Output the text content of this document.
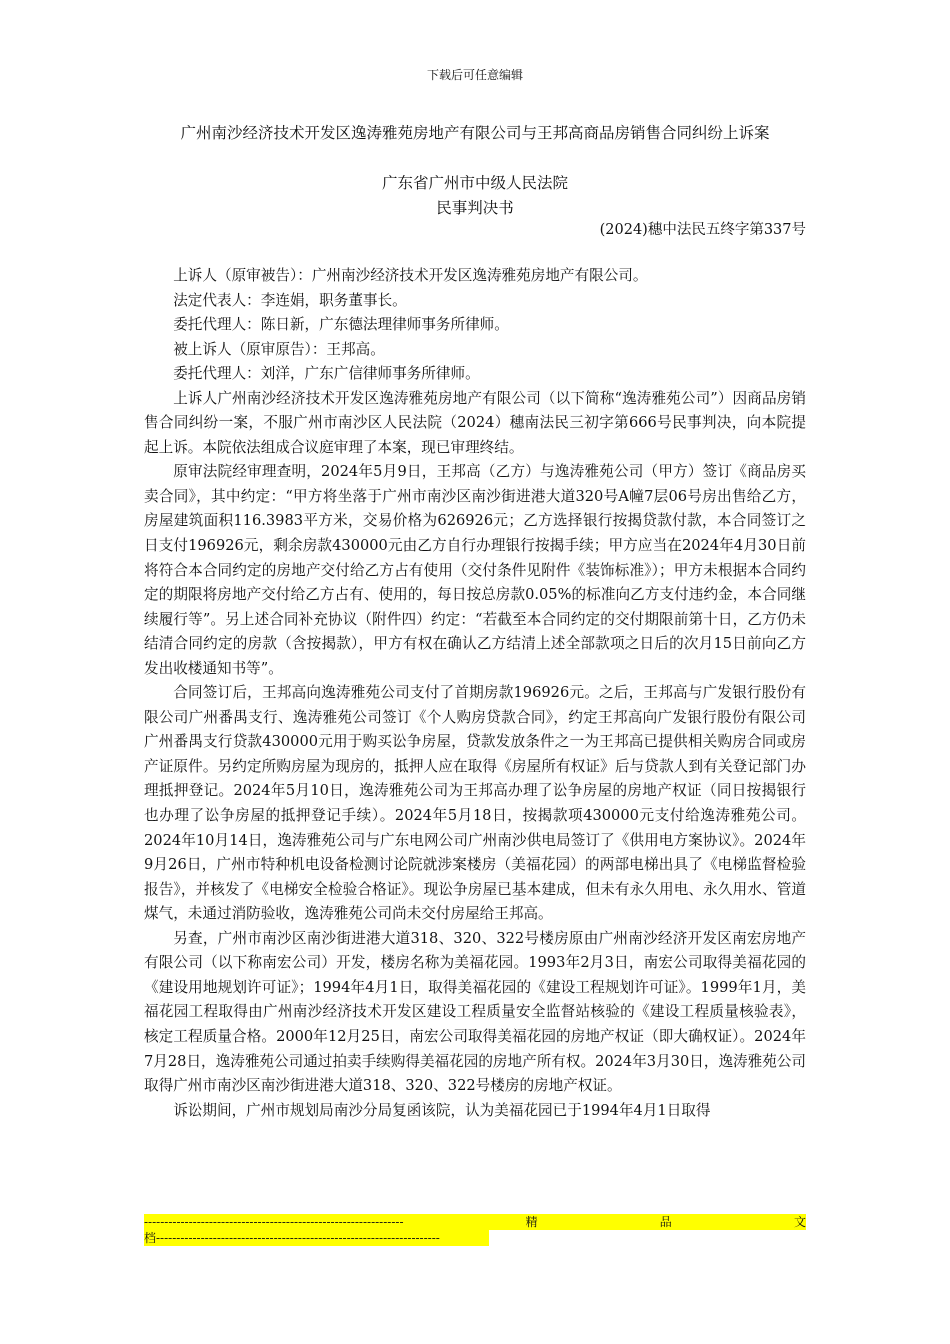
下载后可任意编辑
广州南沙经济技术开发区逸涛雅苑房地产有限公司与王邦高商品房销售合同纠纷上诉案
广东省广州市中级人民法院
民事判决书
(2024)穗中法民五终字第337号

上诉人（原审被告）：广州南沙经济技术开发区逸涛雅苑房地产有限公司。

法定代表人：李连娟，职务董事长。

委托代理人：陈日新，广东德法理律师事务所律师。

被上诉人（原审原告）：王邦高。

委托代理人：刘洋，广东广信律师事务所律师。

上诉人广州南沙经济技术开发区逸涛雅苑房地产有限公司（以下简称“逸涛雅苑公司”）因商品房销售合同纠纷一案，不服广州市南沙区人民法院（2024）穗南法民三初字第666号民事判决，向本院提起上诉。本院依法组成合议庭审理了本案，现已审理终结。

原审法院经审理查明，2024年5月9日，王邦高（乙方）与逸涛雅苑公司（甲方）签订《商品房买卖合同》，其中约定：“甲方将坐落于广州市南沙区南沙街进港大道320号A幢7层06号房出售给乙方，房屋建筑面积116.3983平方米，交易价格为626926元；乙方选择银行按揭贷款付款，本合同签订之日支付196926元，剩余房款430000元由乙方自行办理银行按揭手续；甲方应当在2024年4月30日前将符合本合同约定的房地产交付给乙方占有使用（交付条件见附件《装饰标准》）；甲方未根据本合同约定的期限将房地产交付给乙方占有、使用的，每日按总房款0.05%的标准向乙方支付违约金，本合同继续履行等”。另上述合同补充协议（附件四）约定：“若截至本合同约定的交付期限前第十日，乙方仍未结清合同约定的房款（含按揭款），甲方有权在确认乙方结清上述全部款项之日后的次月15日前向乙方发出收楼通知书等”。

合同签订后，王邦高向逸涛雅苑公司支付了首期房款196926元。之后，王邦高与广发银行股份有限公司广州番禺支行、逸涛雅苑公司签订《个人购房贷款合同》，约定王邦高向广发银行股份有限公司广州番禺支行贷款430000元用于购买讼争房屋，贷款发放条件之一为王邦高已提供相关购房合同或房产证原件。另约定所购房屋为现房的，抵押人应在取得《房屋所有权证》后与贷款人到有关登记部门办理抵押登记。2024年5月10日，逸涛雅苑公司为王邦高办理了讼争房屋的房地产权证（同日按揭银行也办理了讼争房屋的抵押登记手续）。2024年5月18日，按揭款项430000元支付给逸涛雅苑公司。2024年10月14日，逸涛雅苑公司与广东电网公司广州南沙供电局签订了《供用电方案协议》。2024年9月26日，广州市特种机电设备检测讨论院就涉案楼房（美福花园）的两部电梯出具了《电梯监督检验报告》，并核发了《电梯安全检验合格证》。现讼争房屋已基本建成，但未有永久用电、永久用水、管道煤气，未通过消防验收，逸涛雅苑公司尚未交付房屋给王邦高。

另查，广州市南沙区南沙街进港大道318、320、322号楼房原由广州南沙经济开发区南宏房地产有限公司（以下称南宏公司）开发，楼房名称为美福花园。1993年2月3日，南宏公司取得美福花园的《建设用地规划许可证》；1994年4月1日，取得美福花园的《建设工程规划许可证》。1999年1月，美福花园工程取得由广州南沙经济技术开发区建设工程质量安全监督站核验的《建设工程质量核验表》，核定工程质量合格。2000年12月25日，南宏公司取得美福花园的房地产权证（即大确权证）。2024年7月28日，逸涛雅苑公司通过拍卖手续购得美福花园的房地产所有权。2024年3月30日，逸涛雅苑公司取得广州市南沙区南沙街进港大道318、320、322号楼房的房地产权证。

诉讼期间，广州市规划局南沙分局复函该院，认为美福花园已于1994年4月1日取得

----------------------------------------------------------------	精	品	文
档----------------------------------------------------------------------
